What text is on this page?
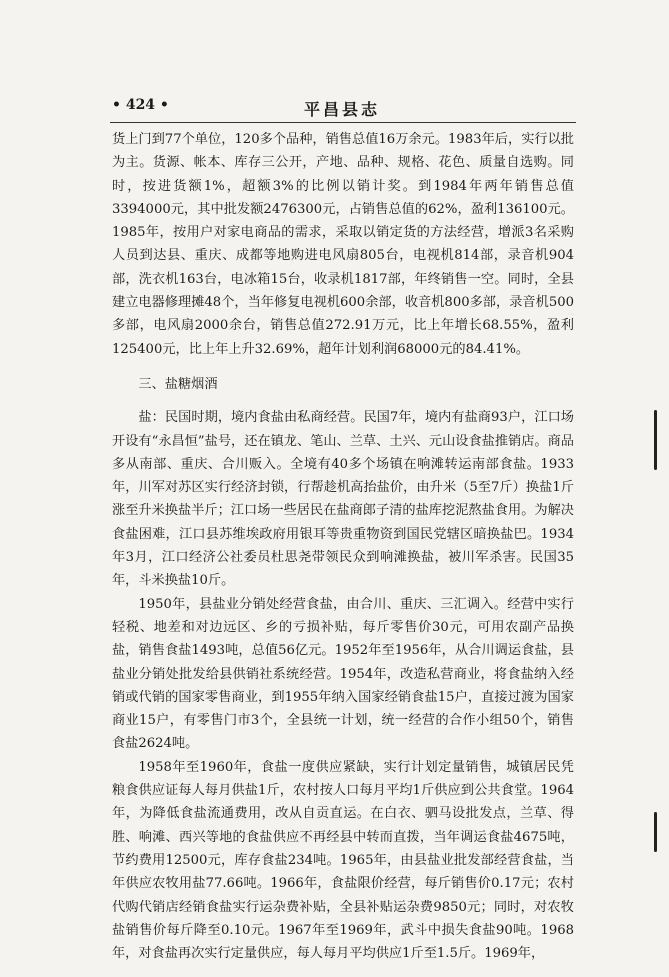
• 424 •	平昌县志

货上门到77个单位，120多个品种，销售总值16万余元。1983年后，实行以批为主。货源、帐本、库存三公开，产地、品种、规格、花色、质量自选购。同时，按进货额1%，超额3%的比例以销计奖。到1984年两年销售总值3394000元，其中批发额2476300元，占销售总值的62%，盈利136100元。1985年，按用户对家电商品的需求，采取以销定货的方法经营，增派3名采购人员到达县、重庆、成都等地购进电风扇805台，电视机814部，录音机904部，洗衣机163台，电冰箱15台，收录机1817部，年终销售一空。同时，全县建立电器修理摊48个，当年修复电视机600余部，收音机800多部，录音机500多部，电风扇2000余台，销售总值272.91万元，比上年增长68.55%，盈利125400元，比上年上升32.69%，超年计划利润68000元的84.41%。

三、盐糖烟酒

盐：民国时期，境内食盐由私商经营。民国7年，境内有盐商93户，江口场开设有“永昌恒”盐号，还在镇龙、笔山、兰草、土兴、元山设食盐推销店。商品多从南部、重庆、合川贩入。全境有40多个场镇在响滩转运南部食盐。1933年，川军对苏区实行经济封锁，行帮趁机高抬盐价，由升米（5至7斤）换盐1斤涨至升米换盐半斤；江口场一些居民在盐商郎子清的盐库挖泥熬盐食用。为解决食盐困难，江口县苏维埃政府用银耳等贵重物资到国民党辖区暗换盐巴。1934年3月，江口经济公社委员杜思尧带领民众到响滩换盐，被川军杀害。民国35年，斗米换盐10斤。

1950年，县盐业分销处经营食盐，由合川、重庆、三汇调入。经营中实行轻税、地差和对边远区、乡的亏损补贴，每斤零售价30元，可用农副产品换盐，销售食盐1493吨，总值56亿元。1952年至1956年，从合川调运食盐，县盐业分销处批发给县供销社系统经营。1954年，改造私营商业，将食盐纳入经销或代销的国家零售商业，到1955年纳入国家经销食盐15户，直接过渡为国家商业15户，有零售门市3个，全县统一计划，统一经营的合作小组50个，销售食盐2624吨。

1958年至1960年，食盐一度供应紧缺，实行计划定量销售，城镇居民凭粮食供应证每人每月供盐1斤，农村按人口每月平均1斤供应到公共食堂。1964年，为降低食盐流通费用，改从自贡直运。在白衣、驷马设批发点，兰草、得胜、响滩、西兴等地的食盐供应不再经县中转而直拨，当年调运食盐4675吨，节约费用12500元，库存食盐234吨。1965年，由县盐业批发部经营食盐，当年供应农牧用盐77.66吨。1966年，食盐限价经营，每斤销售价0.17元；农村代购代销店经销食盐实行运杂费补贴，全县补贴运杂费9850元；同时，对农牧盐销售价每斤降至0.10元。1967年至1969年，武斗中损失食盐90吨。1968年，对食盐再次实行定量供应，每人每月平均供应1斤至1.5斤。1969年，
